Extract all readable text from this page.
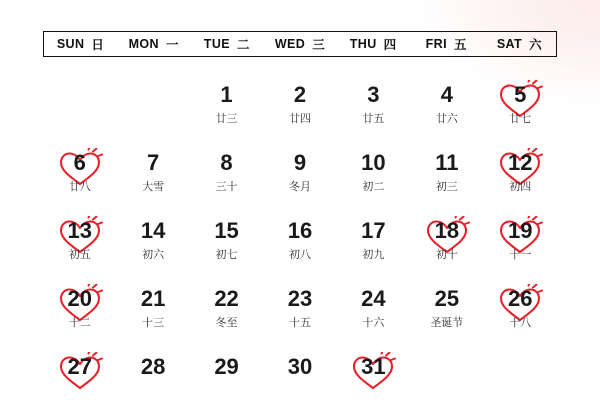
SUN 日 MON 一 TUE 二 WED 三 THU 四 FRI 五 SAT 六
1
廿三
2
廿四
3
廿五
4
廿六
5
廿七
6
廿八
7
大雪
8
三十
9
冬月
10
初二
11
初三
12
初四
13
初五
14
初六
15
初七
16
初八
17
初九
18
初十
19
十一
20
十二
21
十三
22
冬至
23
十五
24
十六
25
圣诞节
26
十八
27 28 29 30 31
